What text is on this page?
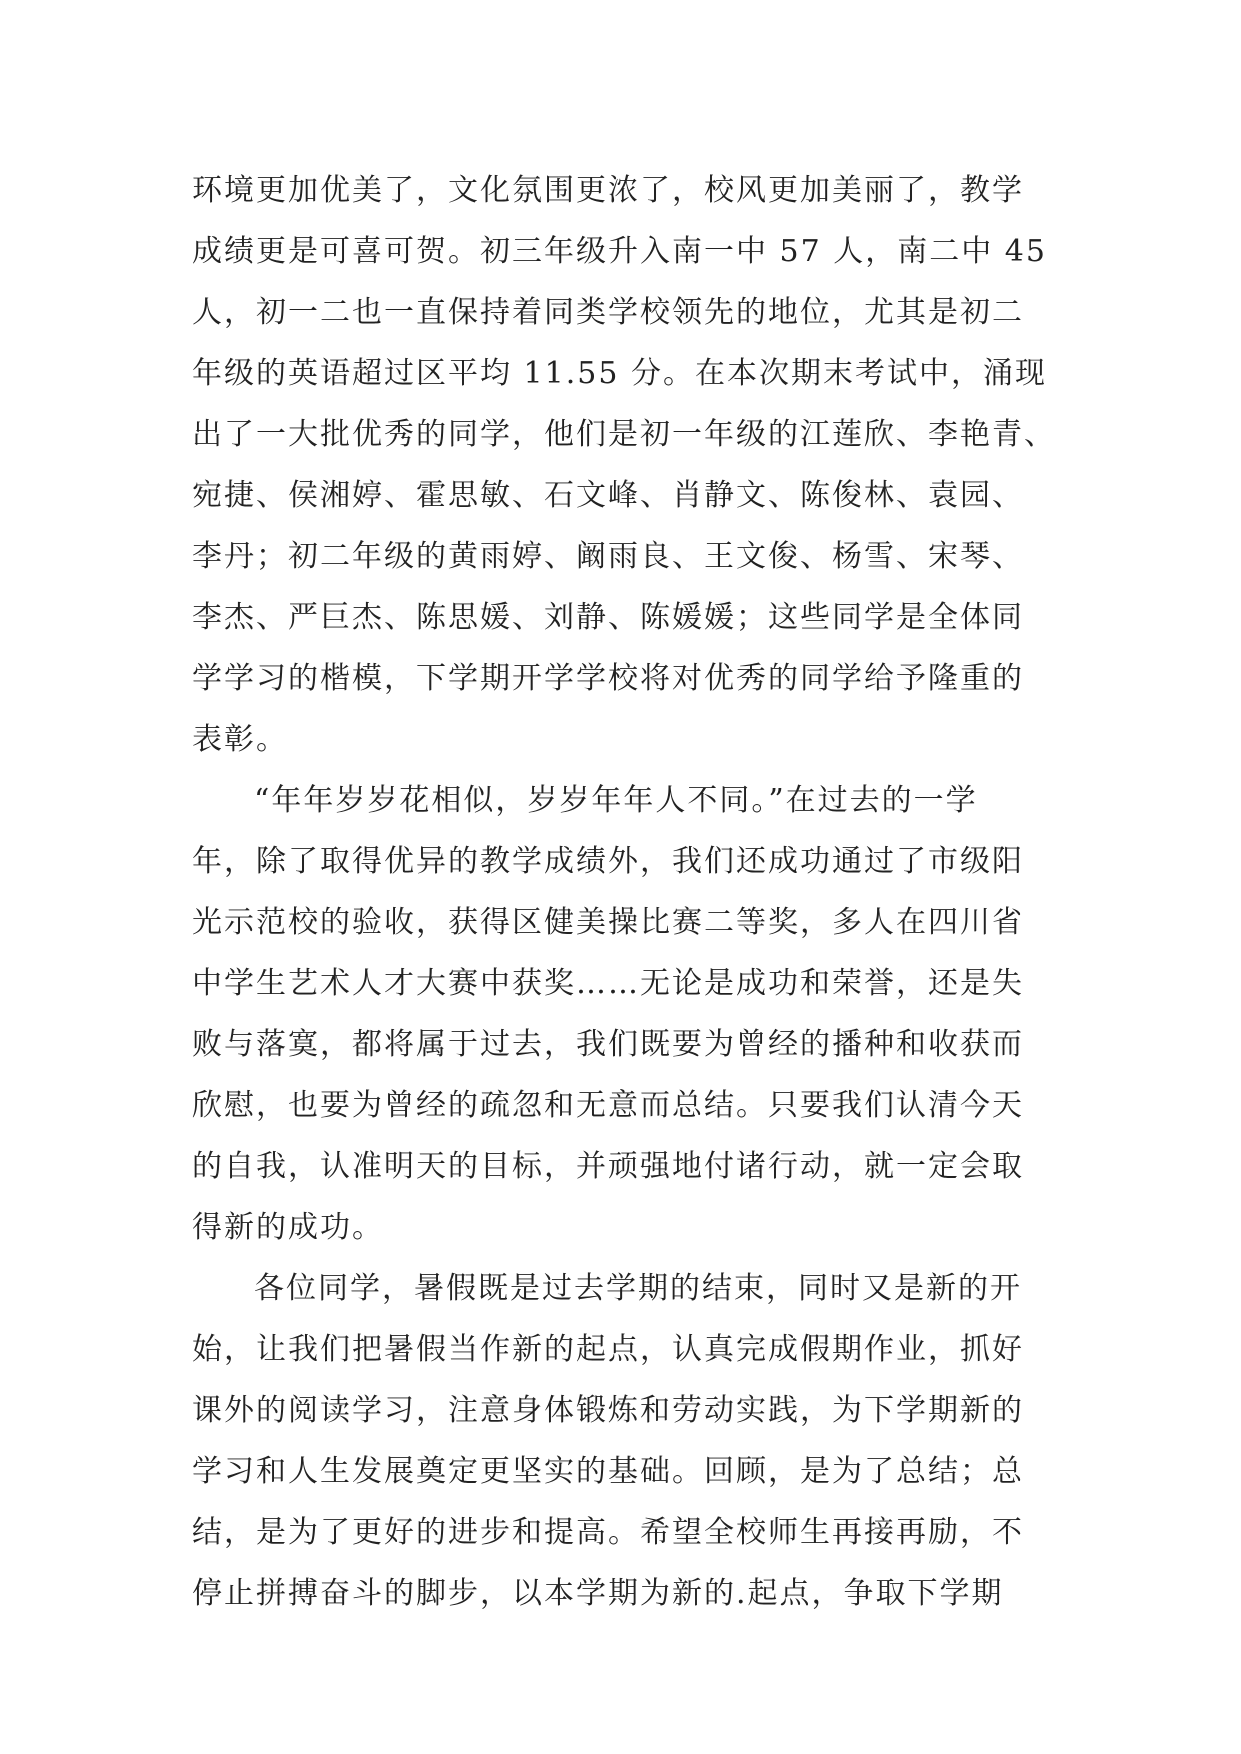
环境更加优美了，文化氛围更浓了，校风更加美丽了，教学
成绩更是可喜可贺。初三年级升入南一中 57 人，南二中 45
人，初一二也一直保持着同类学校领先的地位，尤其是初二
年级的英语超过区平均 11.55 分。在本次期末考试中，涌现
出了一大批优秀的同学，他们是初一年级的江莲欣、李艳青、
宛捷、侯湘婷、霍思敏、石文峰、肖静文、陈俊林、袁园、
李丹；初二年级的黄雨婷、阚雨良、王文俊、杨雪、宋琴、
李杰、严巨杰、陈思媛、刘静、陈媛媛；这些同学是全体同
学学习的楷模，下学期开学学校将对优秀的同学给予隆重的
表彰。
“年年岁岁花相似，岁岁年年人不同。”在过去的一学
年，除了取得优异的教学成绩外，我们还成功通过了市级阳
光示范校的验收，获得区健美操比赛二等奖，多人在四川省
中学生艺术人才大赛中获奖……无论是成功和荣誉，还是失
败与落寞，都将属于过去，我们既要为曾经的播种和收获而
欣慰，也要为曾经的疏忽和无意而总结。只要我们认清今天
的自我，认准明天的目标，并顽强地付诸行动，就一定会取
得新的成功。
各位同学，暑假既是过去学期的结束，同时又是新的开
始，让我们把暑假当作新的起点，认真完成假期作业，抓好
课外的阅读学习，注意身体锻炼和劳动实践，为下学期新的
学习和人生发展奠定更坚实的基础。回顾，是为了总结；总
结，是为了更好的进步和提高。希望全校师生再接再励，不
停止拼搏奋斗的脚步，以本学期为新的.起点，争取下学期
